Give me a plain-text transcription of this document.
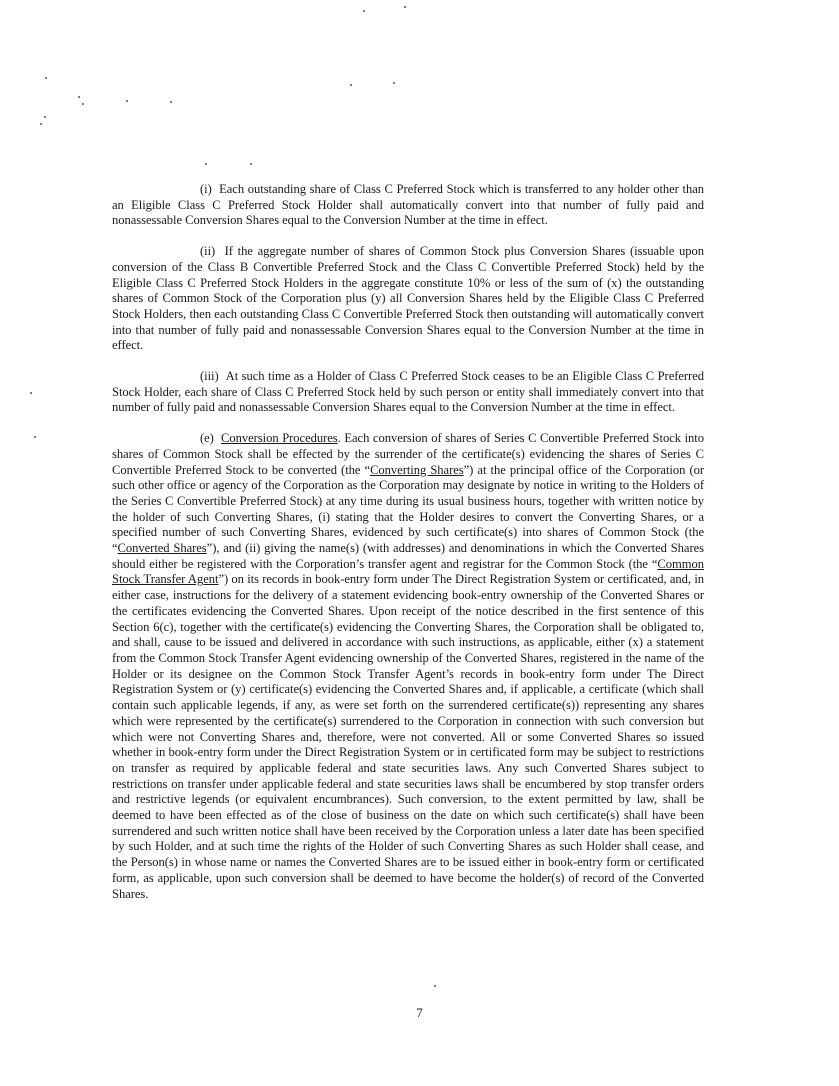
(i)  Each outstanding share of Class C Preferred Stock which is transferred to any holder other than an Eligible Class C Preferred Stock Holder shall automatically convert into that number of fully paid and nonassessable Conversion Shares equal to the Conversion Number at the time in effect.

(ii)  If the aggregate number of shares of Common Stock plus Conversion Shares (issuable upon conversion of the Class B Convertible Preferred Stock and the Class C Convertible Preferred Stock) held by the Eligible Class C Preferred Stock Holders in the aggregate constitute 10% or less of the sum of (x) the outstanding shares of Common Stock of the Corporation plus (y) all Conversion Shares held by the Eligible Class C Preferred Stock Holders, then each outstanding Class C Convertible Preferred Stock then outstanding will automatically convert into that number of fully paid and nonassessable Conversion Shares equal to the Conversion Number at the time in effect.

(iii)  At such time as a Holder of Class C Preferred Stock ceases to be an Eligible Class C Preferred Stock Holder, each share of Class C Preferred Stock held by such person or entity shall immediately convert into that number of fully paid and nonassessable Conversion Shares equal to the Conversion Number at the time in effect.

(e) Conversion Procedures. Each conversion of shares of Series C Convertible Preferred Stock into shares of Common Stock shall be effected by the surrender of the certificate(s) evidencing the shares of Series C Convertible Preferred Stock to be converted (the “Converting Shares”) at the principal office of the Corporation (or such other office or agency of the Corporation as the Corporation may designate by notice in writing to the Holders of the Series C Convertible Preferred Stock) at any time during its usual business hours, together with written notice by the holder of such Converting Shares, (i) stating that the Holder desires to convert the Converting Shares, or a specified number of such Converting Shares, evidenced by such certificate(s) into shares of Common Stock (the “Converted Shares”), and (ii) giving the name(s) (with addresses) and denominations in which the Converted Shares should either be registered with the Corporation’s transfer agent and registrar for the Common Stock (the “Common Stock Transfer Agent”) on its records in book-entry form under The Direct Registration System or certificated, and, in either case, instructions for the delivery of a statement evidencing book-entry ownership of the Converted Shares or the certificates evidencing the Converted Shares. Upon receipt of the notice described in the first sentence of this Section 6(c), together with the certificate(s) evidencing the Converting Shares, the Corporation shall be obligated to, and shall, cause to be issued and delivered in accordance with such instructions, as applicable, either (x) a statement from the Common Stock Transfer Agent evidencing ownership of the Converted Shares, registered in the name of the Holder or its designee on the Common Stock Transfer Agent’s records in book-entry form under The Direct Registration System or (y) certificate(s) evidencing the Converted Shares and, if applicable, a certificate (which shall contain such applicable legends, if any, as were set forth on the surrendered certificate(s)) representing any shares which were represented by the certificate(s) surrendered to the Corporation in connection with such conversion but which were not Converting Shares and, therefore, were not converted. All or some Converted Shares so issued whether in book-entry form under the Direct Registration System or in certificated form may be subject to restrictions on transfer as required by applicable federal and state securities laws. Any such Converted Shares subject to restrictions on transfer under applicable federal and state securities laws shall be encumbered by stop transfer orders and restrictive legends (or equivalent encumbrances). Such conversion, to the extent permitted by law, shall be deemed to have been effected as of the close of business on the date on which such certificate(s) shall have been surrendered and such written notice shall have been received by the Corporation unless a later date has been specified by such Holder, and at such time the rights of the Holder of such Converting Shares as such Holder shall cease, and the Person(s) in whose name or names the Converted Shares are to be issued either in book-entry form or certificated form, as applicable, upon such conversion shall be deemed to have become the holder(s) of record of the Converted Shares.

7
